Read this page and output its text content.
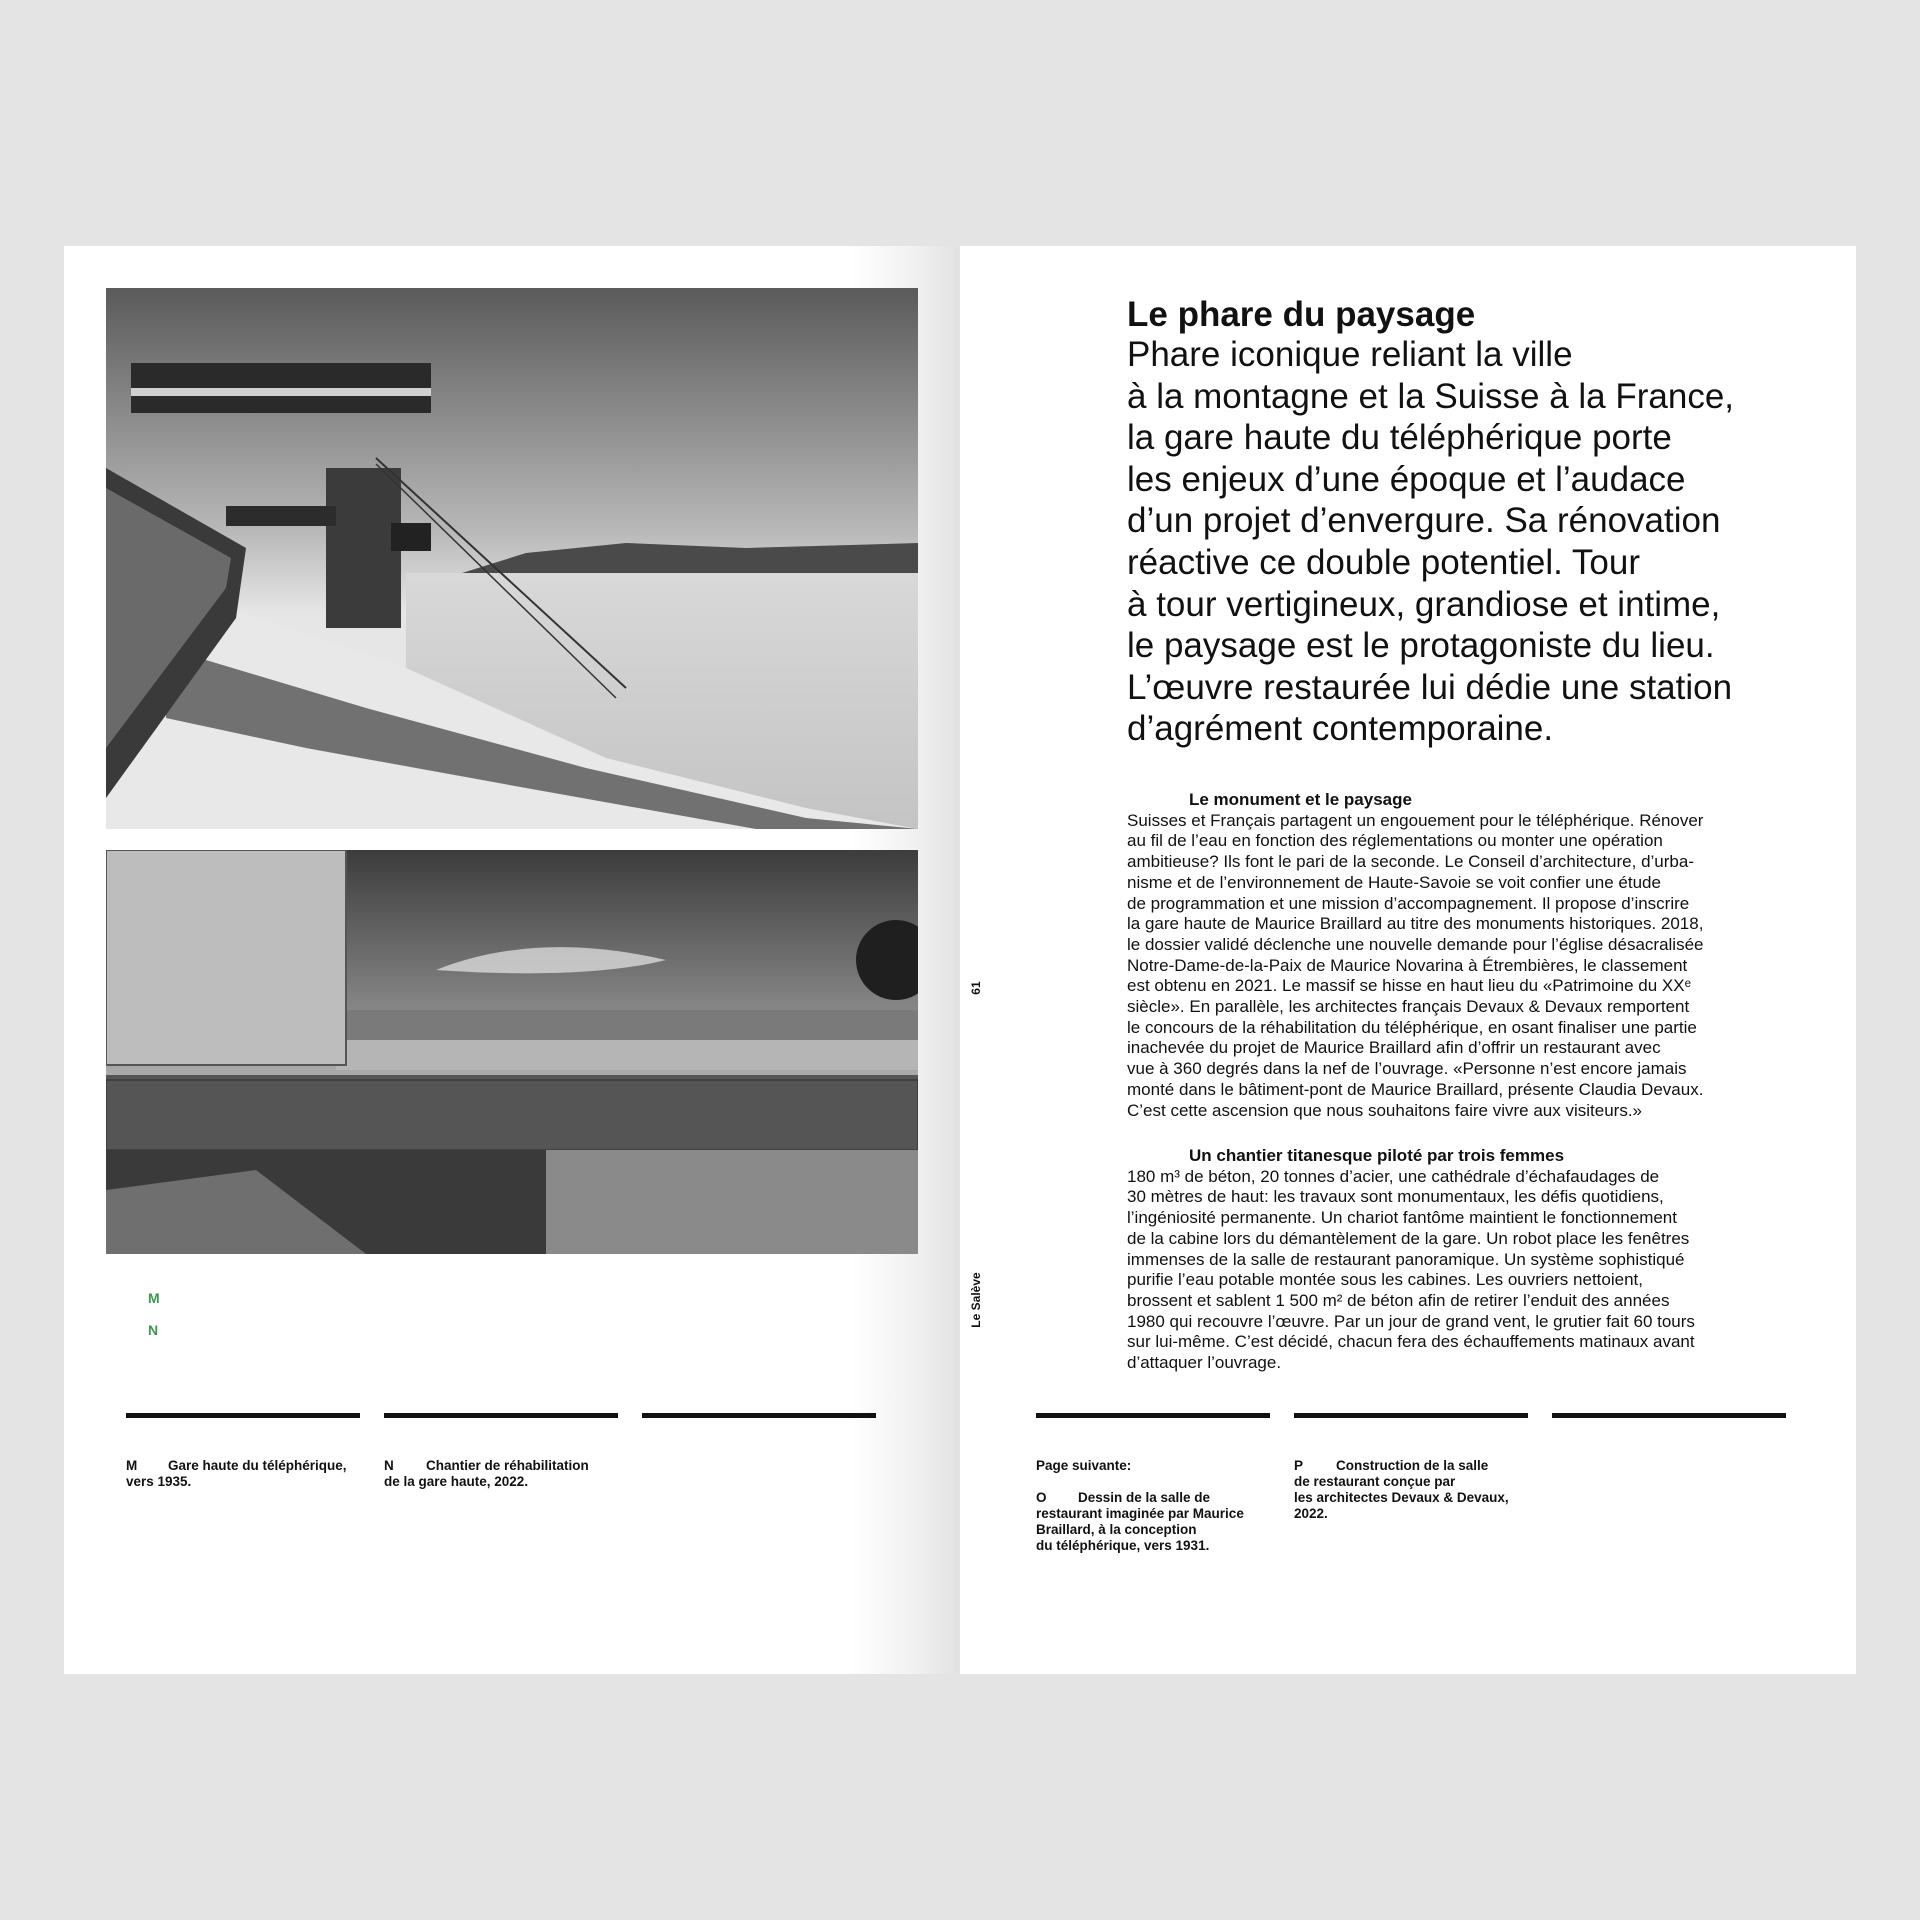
M
N
M Gare haute du téléphérique,
vers 1935.
N Chantier de réhabilitation
de la gare haute, 2022.
61
Le Salève
Le phare du paysage

Phare iconique reliant la ville
à la montagne et la Suisse à la France,
la gare haute du téléphérique porte
les enjeux d’une époque et l’audace
d’un projet d’envergure. Sa rénovation
réactive ce double potentiel. Tour
à tour vertigineux, grandiose et intime,
le paysage est le protagoniste du lieu.
L’œuvre restaurée lui dédie une station
d’agrément contemporaine.

Le monument et le paysage

Suisses et Français partagent un engouement pour le téléphérique. Rénover
au fil de l’eau en fonction des réglementations ou monter une opération
ambitieuse? Ils font le pari de la seconde. Le Conseil d’architecture, d’urba-
nisme et de l’environnement de Haute-Savoie se voit confier une étude
de programmation et une mission d’accompagnement. Il propose d’inscrire
la gare haute de Maurice Braillard au titre des monuments historiques. 2018,
le dossier validé déclenche une nouvelle demande pour l’église désacralisée
Notre-Dame-de-la-Paix de Maurice Novarina à Étrembières, le classement
est obtenu en 2021. Le massif se hisse en haut lieu du «Patrimoine du XXᵉ
siècle». En parallèle, les architectes français Devaux & Devaux remportent
le concours de la réhabilitation du téléphérique, en osant finaliser une partie
inachevée du projet de Maurice Braillard afin d’offrir un restaurant avec
vue à 360 degrés dans la nef de l’ouvrage. «Personne n’est encore jamais
monté dans le bâtiment-pont de Maurice Braillard, présente Claudia Devaux.
C’est cette ascension que nous souhaitons faire vivre aux visiteurs.»

Un chantier titanesque piloté par trois femmes

180 m³ de béton, 20 tonnes d’acier, une cathédrale d’échafaudages de
30 mètres de haut: les travaux sont monumentaux, les défis quotidiens,
l’ingéniosité permanente. Un chariot fantôme maintient le fonctionnement
de la cabine lors du démantèlement de la gare. Un robot place les fenêtres
immenses de la salle de restaurant panoramique. Un système sophistiqué
purifie l’eau potable montée sous les cabines. Les ouvriers nettoient,
brossent et sablent 1 500 m² de béton afin de retirer l’enduit des années
1980 qui recouvre l’œuvre. Par un jour de grand vent, le grutier fait 60 tours
sur lui-même. C’est décidé, chacun fera des échauffements matinaux avant
d’attaquer l’ouvrage.

Page suivante:
O Dessin de la salle de
restaurant imaginée par Maurice
Braillard, à la conception
du téléphérique, vers 1931.
P Construction de la salle
de restaurant conçue par
les architectes Devaux & Devaux,
2022.
